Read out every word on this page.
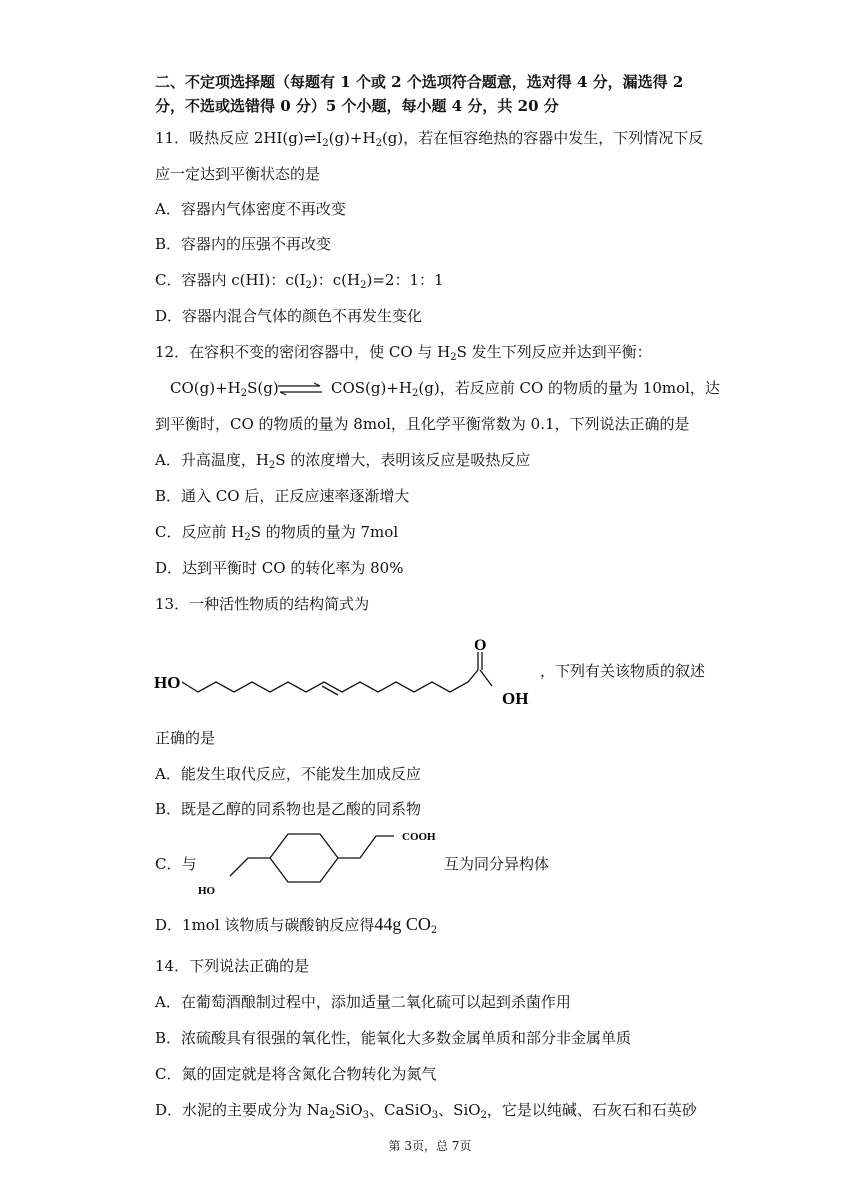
二、不定项选择题（每题有 1 个或 2 个选项符合题意，选对得 4 分，漏选得 2
分，不选或选错得 0 分）5 个小题，每小题 4 分，共 20 分
11．吸热反应 $2HI(g)\rightleftharpoons I_2(g)+H_2(g)$，若在恒容绝热的容器中发生，下列情况下反
应一定达到平衡状态的是
A．容器内气体密度不再改变
B．容器内的压强不再改变
C．容器内 c(HI)：$c(I_2)$：$c(H_2)=2$：1：1
D．容器内混合气体的颜色不再发生变化
12．在容积不变的密闭容器中，使 CO 与 $H_2S$ 发生下列反应并达到平衡：
$CO(g)+H_2S(g)$ ⇌ $COS(g)+H_2(g)$，若反应前 CO 的物质的量为 10mol，达
到平衡时，CO 的物质的量为 8mol，且化学平衡常数为 0.1，下列说法正确的是
A．升高温度，$H_2S$ 的浓度增大，表明该反应是吸热反应
B．通入 CO 后，正反应速率逐渐增大
C．反应前 $H_2S$ 的物质的量为 7mol
D．达到平衡时 CO 的转化率为 80%
13．一种活性物质的结构简式为
HO
O
OH
，下列有关该物质的叙述
正确的是
A．能发生取代反应，不能发生加成反应
B．既是乙醇的同系物也是乙酸的同系物
C．与
COOH
HO
互为同分异构体
D．1mol 该物质与碳酸钠反应得44g $CO_2$
14．下列说法正确的是
A．在葡萄酒酿制过程中，添加适量二氧化硫可以起到杀菌作用
B．浓硫酸具有很强的氧化性，能氧化大多数金属单质和部分非金属单质
C．氮的固定就是将含氮化合物转化为氮气
D．水泥的主要成分为 $Na_2SiO_3$、CaSiO$_3$、SiO$_2$，它是以纯碱、石灰石和石英砂
第 3页，总 7页
